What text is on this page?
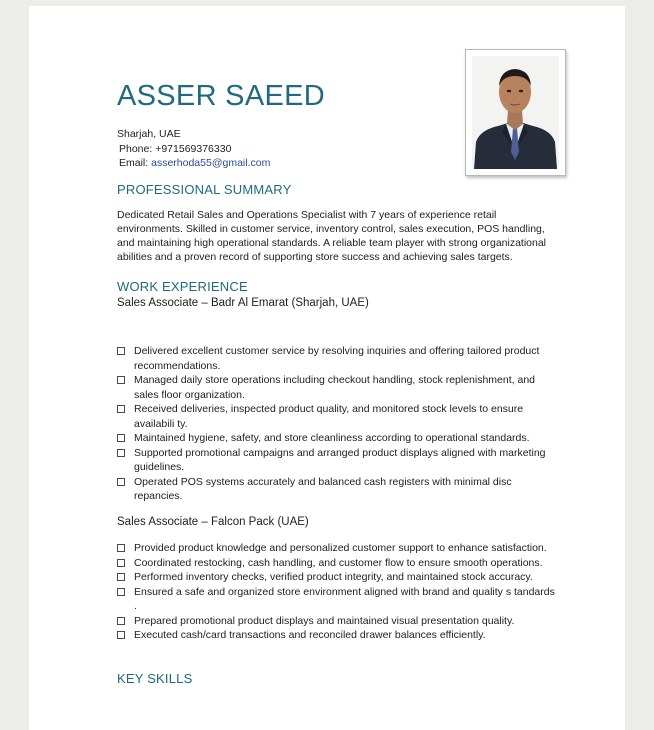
ASSER SAEED
Sharjah, UAE
Phone: +971569376330
Email: asserhoda55@gmail.com
PROFESSIONAL SUMMARY

Dedicated Retail Sales and Operations Specialist with 7 years of experience retail environments. Skilled in customer service, inventory control, sales execution, POS handling, and maintaining high operational standards. A reliable team player with strong organizational abilities and a proven record of supporting store success and achieving sales targets.

WORK EXPERIENCE
Sales Associate – Badr Al Emarat (Sharjah, UAE)
Delivered excellent customer service by resolving inquiries and offering tailored product recommendations.
Managed daily store operations including checkout handling, stock replenishment, and sales floor organization.
Received deliveries, inspected product quality, and monitored stock levels to ensure availabili ty.
Maintained hygiene, safety, and store cleanliness according to operational standards.
Supported promotional campaigns and arranged product displays aligned with marketing guidelines.
Operated POS systems accurately and balanced cash registers with minimal disc repancies.
Sales Associate – Falcon Pack (UAE)
Provided product knowledge and personalized customer support to enhance satisfaction.
Coordinated restocking, cash handling, and customer flow to ensure smooth operations.
Performed inventory checks, verified product integrity, and maintained stock accuracy.
Ensured a safe and organized store environment aligned with brand and quality s tandards .
Prepared promotional product displays and maintained visual presentation quality.
Executed cash/card transactions and reconciled drawer balances efficiently.
KEY SKILLS
